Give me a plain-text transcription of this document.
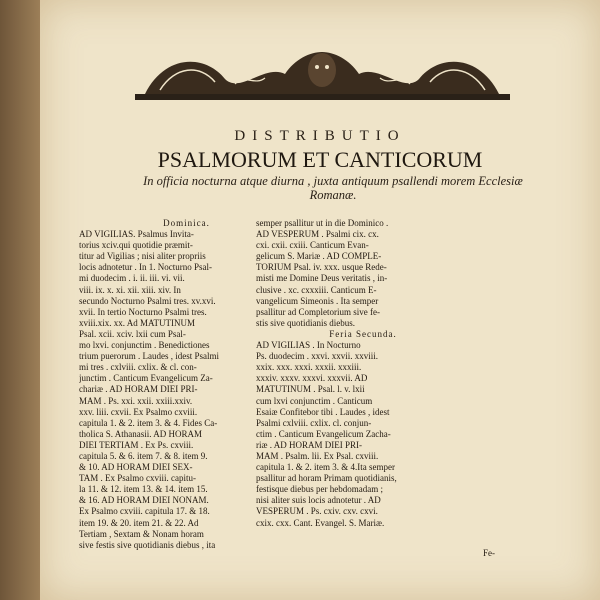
DISTRIBUTIO
PSALMORUM ET CANTICORUM
In officia nocturna atque diurna , juxta antiquum psallendi morem Ecclesiæ Romanæ.
Dominica.
AD VIGILIAS. Psalmus Invita-
torius xciv.qui quotidie præmit-
titur ad Vigilias ; nisi aliter propriis
locis adnotetur . In 1. Nocturno Psal-
mi duodecim . i. ii. iii. vi. vii.
viii. ix. x. xi. xii. xiii. xiv. In
secundo Nocturno Psalmi tres. xv.xvi.
xvii. In tertio Nocturno Psalmi tres.
xviii.xix. xx. Ad MATUTINUM
Psal. xcii. xciv. lxii cum Psal-
mo lxvi. conjunctim . Benedictiones
trium puerorum . Laudes , idest Psalmi
mi tres . cxlviii. cxlix. & cl. con-
junctim . Canticum Evangelicum Za-
chariæ . AD HORAM DIEI PRI-
MAM . Ps. xxi. xxii. xxiii.xxiv.
xxv. liii. cxvii. Ex Psalmo cxviii.
capitula 1. & 2. item 3. & 4. Fides Ca-
tholica S. Athanasii. AD HORAM
DIEI TERTIAM . Ex Ps. cxviii.
capitula 5. & 6. item 7. & 8. item 9.
& 10. AD HORAM DIEI SEX-
TAM . Ex Psalmo cxviii. capitu-
la 11. & 12. item 13. & 14. item 15.
& 16. AD HORAM DIEI NONAM.
Ex Psalmo cxviii. capitula 17. & 18.
item 19. & 20. item 21. & 22. Ad
Tertiam , Sextam & Nonam horam
sive festis sive quotidianis diebus , ita
semper psallitur ut in die Dominico .
AD VESPERUM . Psalmi cix. cx.
cxi. cxii. cxiii. Canticum Evan-
gelicum S. Mariæ . AD COMPLE-
TORIUM Psal. iv. xxx. usque Rede-
misti me Domine Deus veritatis , in-
clusive . xc. cxxxiii. Canticum E-
vangelicum Simeonis . Ita semper
psallitur ad Completorium sive fe-
stis sive quotidianis diebus.
Feria Secunda.
AD VIGILIAS . In Nocturno
Ps. duodecim . xxvi. xxvii. xxviii.
xxix. xxx. xxxi. xxxii. xxxiii.
xxxiv. xxxv. xxxvi. xxxvii. AD
MATUTINUM . Psal. l. v. lxii
cum lxvi conjunctim . Canticum
Esaiæ Confitebor tibi . Laudes , idest
Psalmi cxlviii. cxlix. cl. conjun-
ctim . Canticum Evangelicum Zacha-
riæ . AD HORAM DIEI PRI-
MAM . Psalm. lii. Ex Psal. cxviii.
capitula 1. & 2. item 3. & 4.Ita semper
psallitur ad horam Primam quotidianis,
festisque diebus per hebdomadam ;
nisi aliter suis locis adnotetur . AD
VESPERUM . Ps. cxiv. cxv. cxvi.
cxix. cxx. Cant. Evangel. S. Mariæ.
Fe-
